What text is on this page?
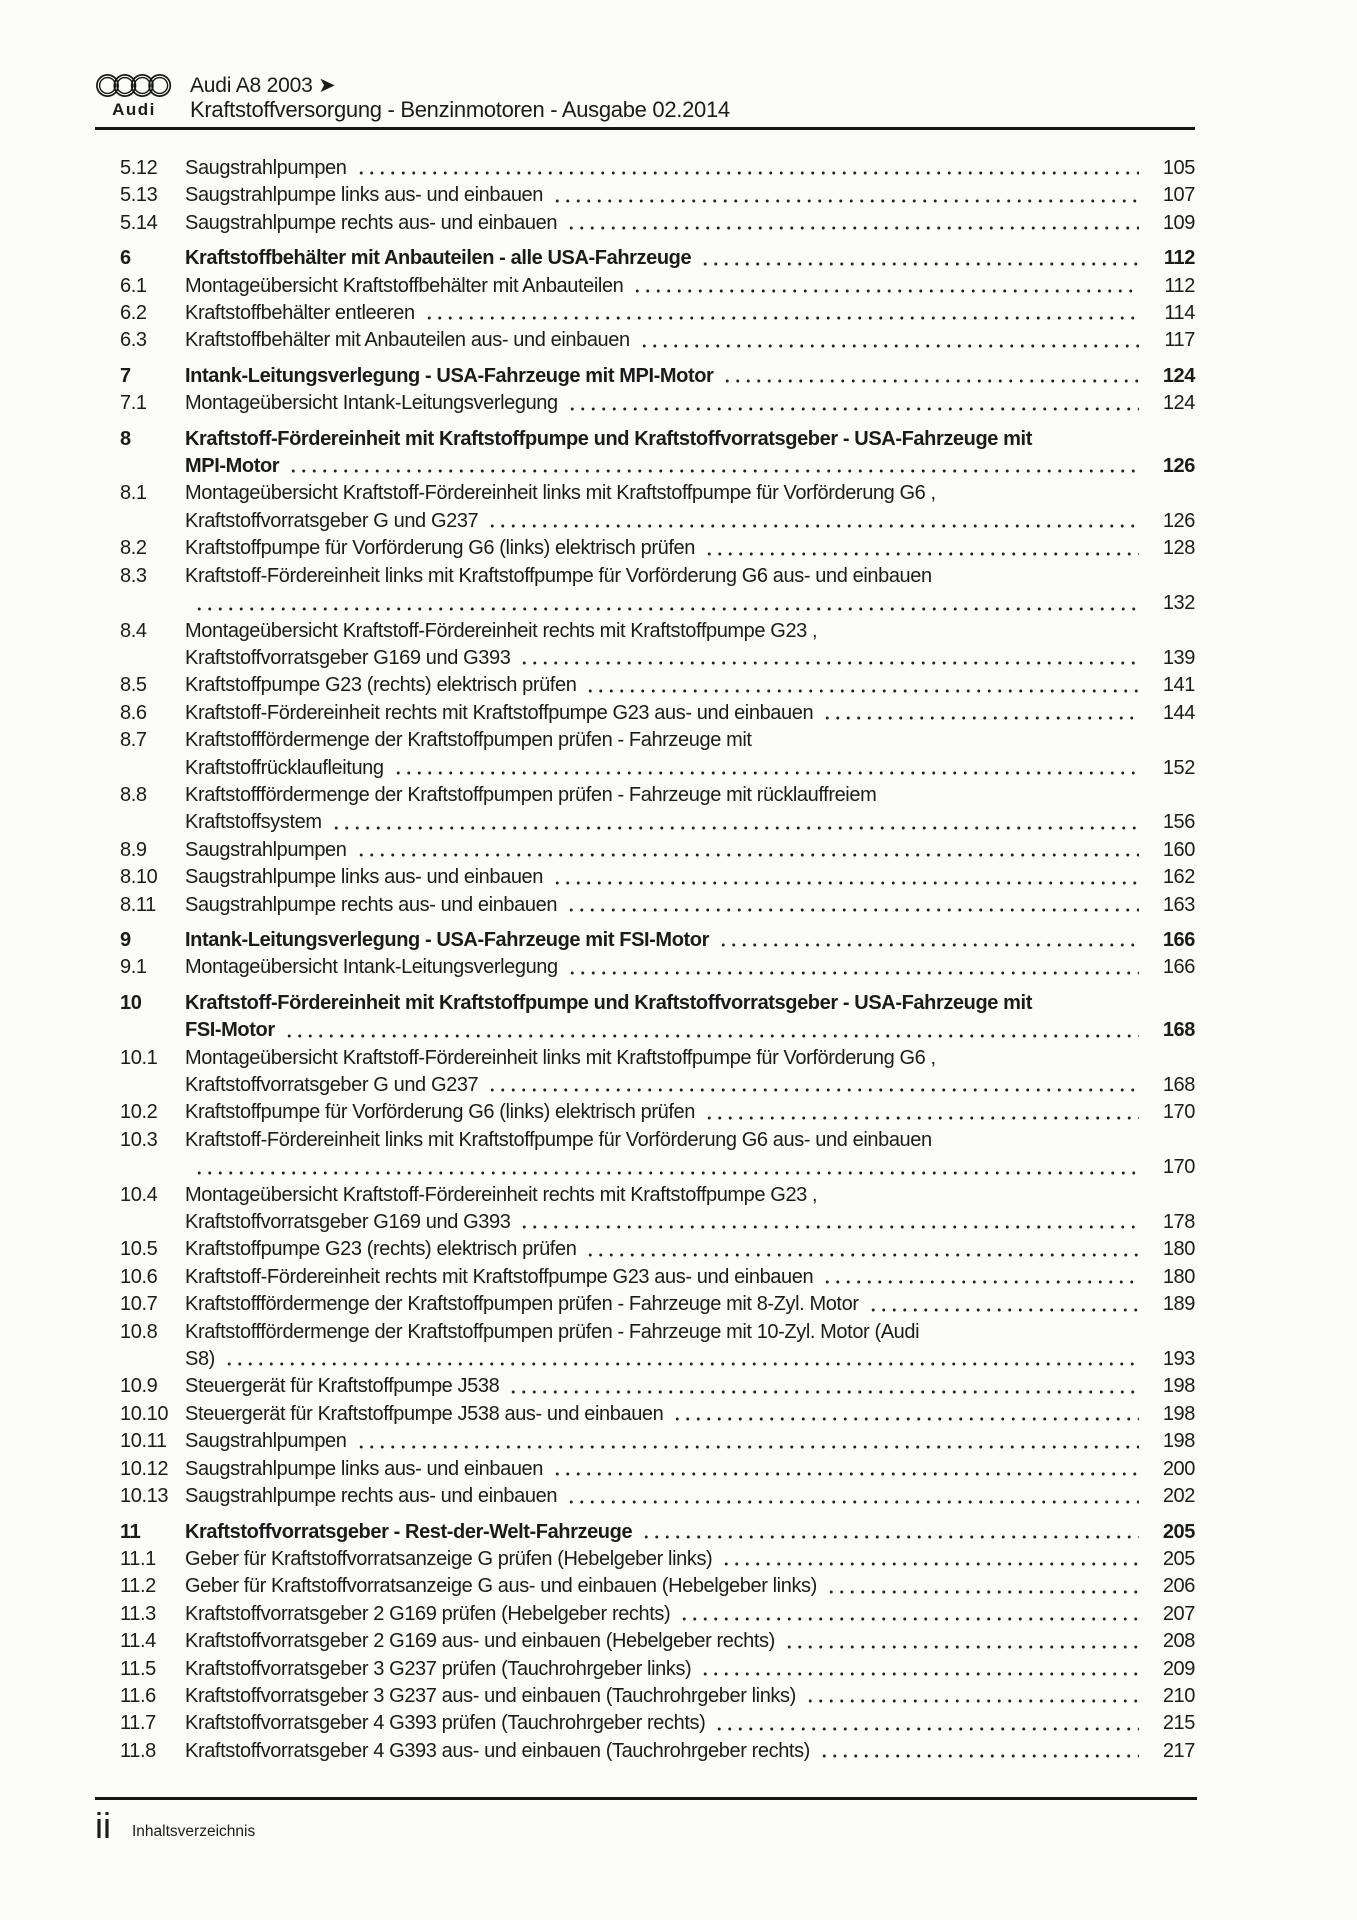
Audi
Audi A8 2003 ➤
Kraftstoffversorgung - Benzinmotoren - Ausgabe 02.2014
5.12	Saugstrahlpumpen	105
5.13	Saugstrahlpumpe links aus- und einbauen	107
5.14	Saugstrahlpumpe rechts aus- und einbauen	109
6	Kraftstoffbehälter mit Anbauteilen - alle USA-Fahrzeuge	112
6.1	Montageübersicht Kraftstoffbehälter mit Anbauteilen	112
6.2	Kraftstoffbehälter entleeren	114
6.3	Kraftstoffbehälter mit Anbauteilen aus- und einbauen	117
7	Intank-Leitungsverlegung - USA-Fahrzeuge mit MPI-Motor	124
7.1	Montageübersicht Intank-Leitungsverlegung	124
8	Kraftstoff-Fördereinheit mit Kraftstoffpumpe und Kraftstoffvorratsgeber - USA-Fahrzeuge mit
MPI-Motor	126
8.1	Montageübersicht Kraftstoff-Fördereinheit links mit Kraftstoffpumpe für Vorförderung G6 ,
Kraftstoffvorratsgeber G und G237	126
8.2	Kraftstoffpumpe für Vorförderung G6 (links) elektrisch prüfen	128
8.3	Kraftstoff-Fördereinheit links mit Kraftstoffpumpe für Vorförderung G6 aus- und einbauen
132
8.4	Montageübersicht Kraftstoff-Fördereinheit rechts mit Kraftstoffpumpe G23 ,
Kraftstoffvorratsgeber G169 und G393	139
8.5	Kraftstoffpumpe G23 (rechts) elektrisch prüfen	141
8.6	Kraftstoff-Fördereinheit rechts mit Kraftstoffpumpe G23 aus- und einbauen	144
8.7	Kraftstofffördermenge der Kraftstoffpumpen prüfen - Fahrzeuge mit
Kraftstoffrücklaufleitung	152
8.8	Kraftstofffördermenge der Kraftstoffpumpen prüfen - Fahrzeuge mit rücklauffreiem
Kraftstoffsystem	156
8.9	Saugstrahlpumpen	160
8.10	Saugstrahlpumpe links aus- und einbauen	162
8.11	Saugstrahlpumpe rechts aus- und einbauen	163
9	Intank-Leitungsverlegung - USA-Fahrzeuge mit FSI-Motor	166
9.1	Montageübersicht Intank-Leitungsverlegung	166
10	Kraftstoff-Fördereinheit mit Kraftstoffpumpe und Kraftstoffvorratsgeber - USA-Fahrzeuge mit
FSI-Motor	168
10.1	Montageübersicht Kraftstoff-Fördereinheit links mit Kraftstoffpumpe für Vorförderung G6 ,
Kraftstoffvorratsgeber G und G237	168
10.2	Kraftstoffpumpe für Vorförderung G6 (links) elektrisch prüfen	170
10.3	Kraftstoff-Fördereinheit links mit Kraftstoffpumpe für Vorförderung G6 aus- und einbauen
170
10.4	Montageübersicht Kraftstoff-Fördereinheit rechts mit Kraftstoffpumpe G23 ,
Kraftstoffvorratsgeber G169 und G393	178
10.5	Kraftstoffpumpe G23 (rechts) elektrisch prüfen	180
10.6	Kraftstoff-Fördereinheit rechts mit Kraftstoffpumpe G23 aus- und einbauen	180
10.7	Kraftstofffördermenge der Kraftstoffpumpen prüfen - Fahrzeuge mit 8-Zyl. Motor	189
10.8	Kraftstofffördermenge der Kraftstoffpumpen prüfen - Fahrzeuge mit 10-Zyl. Motor (Audi
S8)	193
10.9	Steuergerät für Kraftstoffpumpe J538	198
10.10 Steuergerät für Kraftstoffpumpe J538 aus- und einbauen	198
10.11 Saugstrahlpumpen	198
10.12 Saugstrahlpumpe links aus- und einbauen	200
10.13 Saugstrahlpumpe rechts aus- und einbauen	202
11	Kraftstoffvorratsgeber - Rest-der-Welt-Fahrzeuge	205
11.1	Geber für Kraftstoffvorratsanzeige G prüfen (Hebelgeber links)	205
11.2	Geber für Kraftstoffvorratsanzeige G aus- und einbauen (Hebelgeber links)	206
11.3	Kraftstoffvorratsgeber 2 G169 prüfen (Hebelgeber rechts)	207
11.4	Kraftstoffvorratsgeber 2 G169 aus- und einbauen (Hebelgeber rechts)	208
11.5	Kraftstoffvorratsgeber 3 G237 prüfen (Tauchrohrgeber links)	209
11.6	Kraftstoffvorratsgeber 3 G237 aus- und einbauen (Tauchrohrgeber links)	210
11.7	Kraftstoffvorratsgeber 4 G393 prüfen (Tauchrohrgeber rechts)	215
11.8	Kraftstoffvorratsgeber 4 G393 aus- und einbauen (Tauchrohrgeber rechts)	217
ii Inhaltsverzeichnis
